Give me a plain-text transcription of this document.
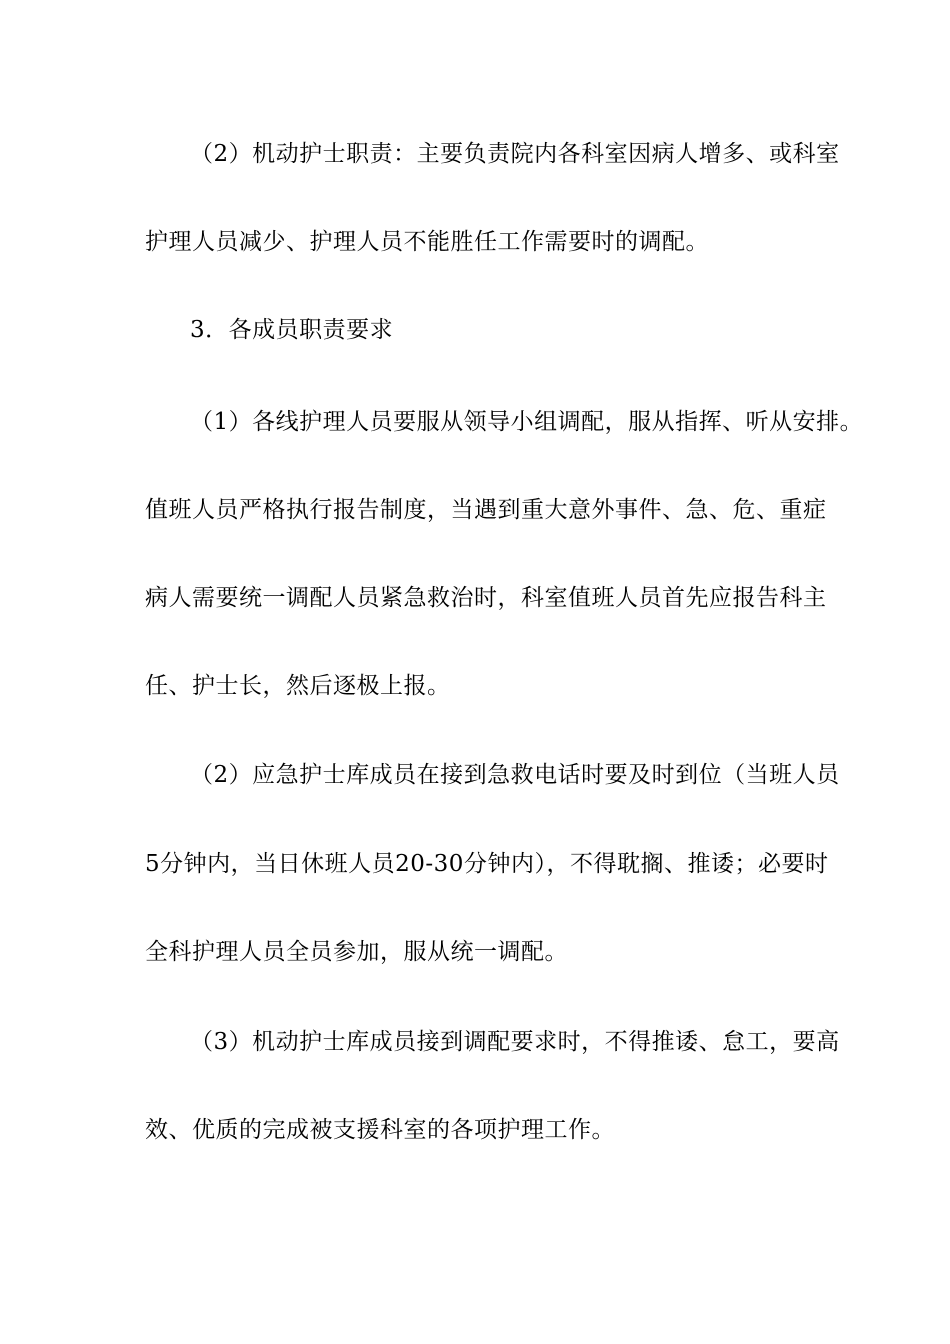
（2）机动护士职责：主要负责院内各科室因病人增多、或科室
护理人员减少、护理人员不能胜任工作需要时的调配。
3．各成员职责要求
（1）各线护理人员要服从领导小组调配，服从指挥、听从安排。
值班人员严格执行报告制度，当遇到重大意外事件、急、危、重症
病人需要统一调配人员紧急救治时，科室值班人员首先应报告科主
任、护士长，然后逐极上报。
（2）应急护士库成员在接到急救电话时要及时到位（当班人员
5分钟内，当日休班人员20-30分钟内），不得耽搁、推诿；必要时
全科护理人员全员参加，服从统一调配。
（3）机动护士库成员接到调配要求时，不得推诿、怠工，要高
效、优质的完成被支援科室的各项护理工作。
